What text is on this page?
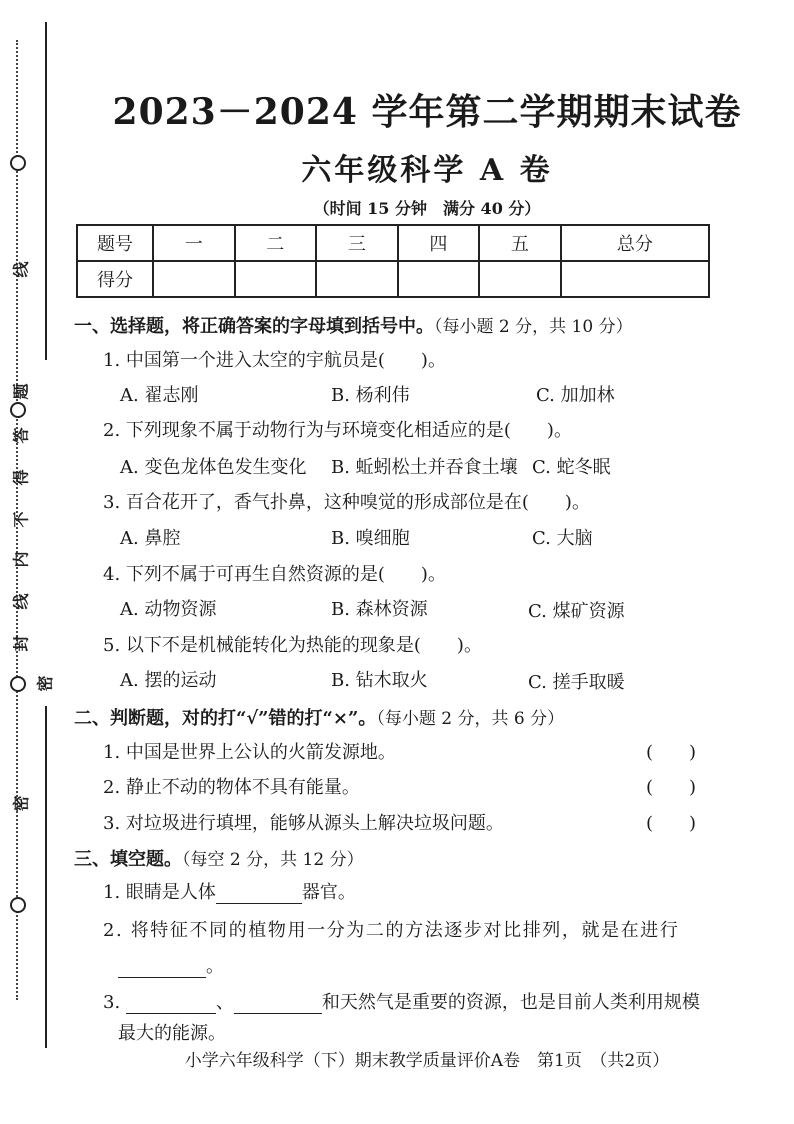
线
题
答
得
不
内
线
封
密
密
2023－2024 学年第二学期期末试卷
六年级科学 A 卷
（时间 15 分钟　满分 40 分）
题号	一	二	三	四	五	总分
得分						
一、选择题，将正确答案的字母填到括号中。（每小题 2 分，共 10 分）
1. 中国第一个进入太空的宇航员是(　　)。
A. 翟志刚	B. 杨利伟	C. 加加林
2. 下列现象不属于动物行为与环境变化相适应的是(　　)。
A. 变色龙体色发生变化 B. 蚯蚓松土并吞食土壤 C. 蛇冬眠
3. 百合花开了，香气扑鼻，这种嗅觉的形成部位是在(　　)。
A. 鼻腔	B. 嗅细胞	C. 大脑
4. 下列不属于可再生自然资源的是(　　)。
A. 动物资源	B. 森林资源	C. 煤矿资源
5. 以下不是机械能转化为热能的现象是(　　)。
A. 摆的运动	B. 钻木取火	C. 搓手取暖
二、判断题，对的打“√”错的打“×”。（每小题 2 分，共 6 分）
1. 中国是世界上公认的火箭发源地。	(　　)
2. 静止不动的物体不具有能量。	(　　)
3. 对垃圾进行填埋，能够从源头上解决垃圾问题。	(　　)
三、填空题。（每空 2 分，共 12 分）
1. 眼睛是人体	器官。
2. 将特征不同的植物用一分为二的方法逐步对比排列，就是在进行
。
3.	、	和天然气是重要的资源，也是目前人类利用规模
最大的能源。
小学六年级科学（下）期末教学质量评价A卷　第1页　（共2页）
